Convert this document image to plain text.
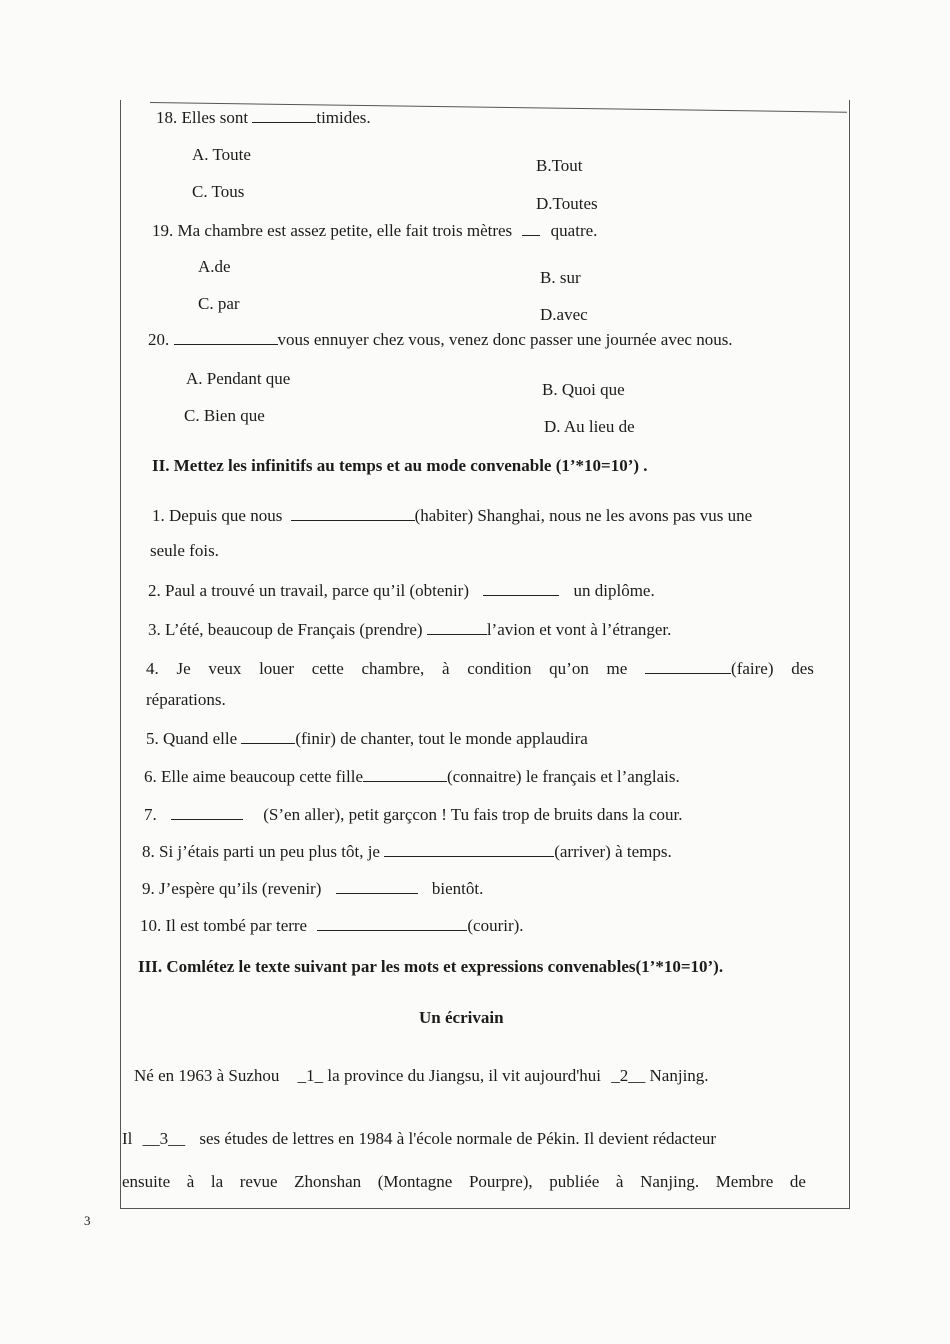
18. Elles sont	timides.
A. Toute
B.Tout
C. Tous
D.Toutes
19. Ma chambre est assez petite, elle fait trois mètres quatre.
A.de
B. sur
C. par
D.avec
20.	vous ennuyer chez vous, venez donc passer une journée avec nous.
A. Pendant que
B. Quoi que
C. Bien que
D. Au lieu de
II. Mettez les infinitifs au temps et au mode convenable (1’*10=10’) .
1. Depuis que nous	(habiter) Shanghai, nous ne les avons pas vus une
seule fois.
2. Paul a trouvé un travail, parce qu’il (obtenir)	un diplôme.
3. L’été, beaucoup de Français (prendre)	l’avion et vont à l’étranger.
4. Je veux louer cette chambre, à condition qu’on me	(faire) des
réparations.
5. Quand elle	(finir) de chanter, tout le monde applaudira
6. Elle aime beaucoup cette fille	(connaitre) le français et l’anglais.
7.	(S’en aller), petit garçcon ! Tu fais trop de bruits dans la cour.
8. Si j’étais parti un peu plus tôt, je	(arriver) à temps.
9. J’espère qu’ils (revenir)	bientôt.
10. Il est tombé par terre	(courir).
III. Comlétez le texte suivant par les mots et expressions convenables(1’*10=10’).
Un écrivain
Né en 1963 à Suzhou _1_ la province du Jiangsu, il vit aujourd'hui _2__ Nanjing.
Il __3__ ses études de lettres en 1984 à l'école normale de Pékin. Il devient rédacteur
ensuite à la revue Zhonshan (Montagne Pourpre), publiée à Nanjing. Membre de
3
